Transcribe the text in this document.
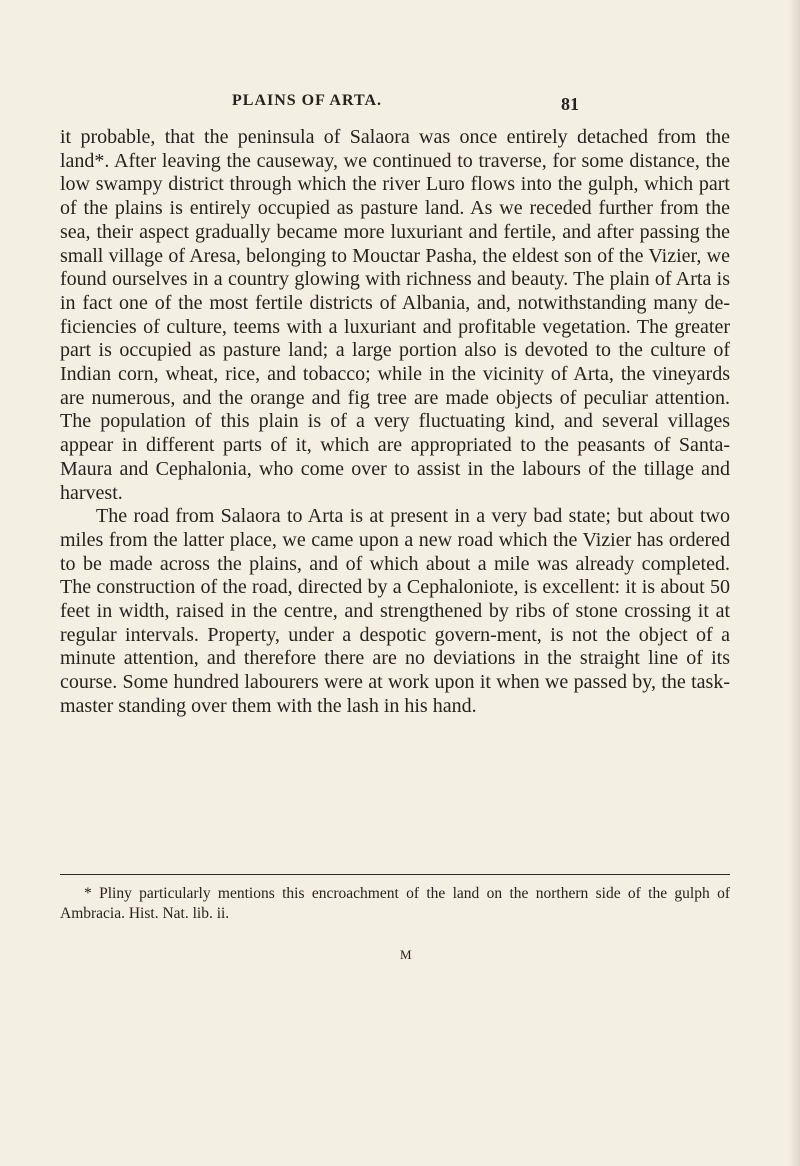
PLAINS OF ARTA.	81

it probable, that the peninsula of Salaora was once entirely detached from the land*. After leaving the causeway, we continued to traverse, for some distance, the low swampy district through which the river Luro flows into the gulph, which part of the plains is entirely occupied as pasture land. As we receded further from the sea, their aspect gradually became more luxuriant and fertile, and after passing the small village of Aresa, belonging to Mouctar Pasha, the eldest son of the Vizier, we found ourselves in a country glowing with richness and beauty. The plain of Arta is in fact one of the most fertile districts of Albania, and, notwithstanding many de-ficiencies of culture, teems with a luxuriant and profitable vegetation. The greater part is occupied as pasture land; a large portion also is devoted to the culture of Indian corn, wheat, rice, and tobacco; while in the vicinity of Arta, the vineyards are numerous, and the orange and fig tree are made objects of peculiar attention. The population of this plain is of a very fluctuating kind, and several villages appear in different parts of it, which are appropriated to the peasants of Santa-Maura and Cephalonia, who come over to assist in the labours of the tillage and harvest.

The road from Salaora to Arta is at present in a very bad state; but about two miles from the latter place, we came upon a new road which the Vizier has ordered to be made across the plains, and of which about a mile was already completed. The construction of the road, directed by a Cephaloniote, is excellent: it is about 50 feet in width, raised in the centre, and strengthened by ribs of stone crossing it at regular intervals. Property, under a despotic govern-ment, is not the object of a minute attention, and therefore there are no deviations in the straight line of its course. Some hundred labourers were at work upon it when we passed by, the task-master standing over them with the lash in his hand.

* Pliny particularly mentions this encroachment of the land on the northern side of the gulph of Ambracia. Hist. Nat. lib. ii.
M
